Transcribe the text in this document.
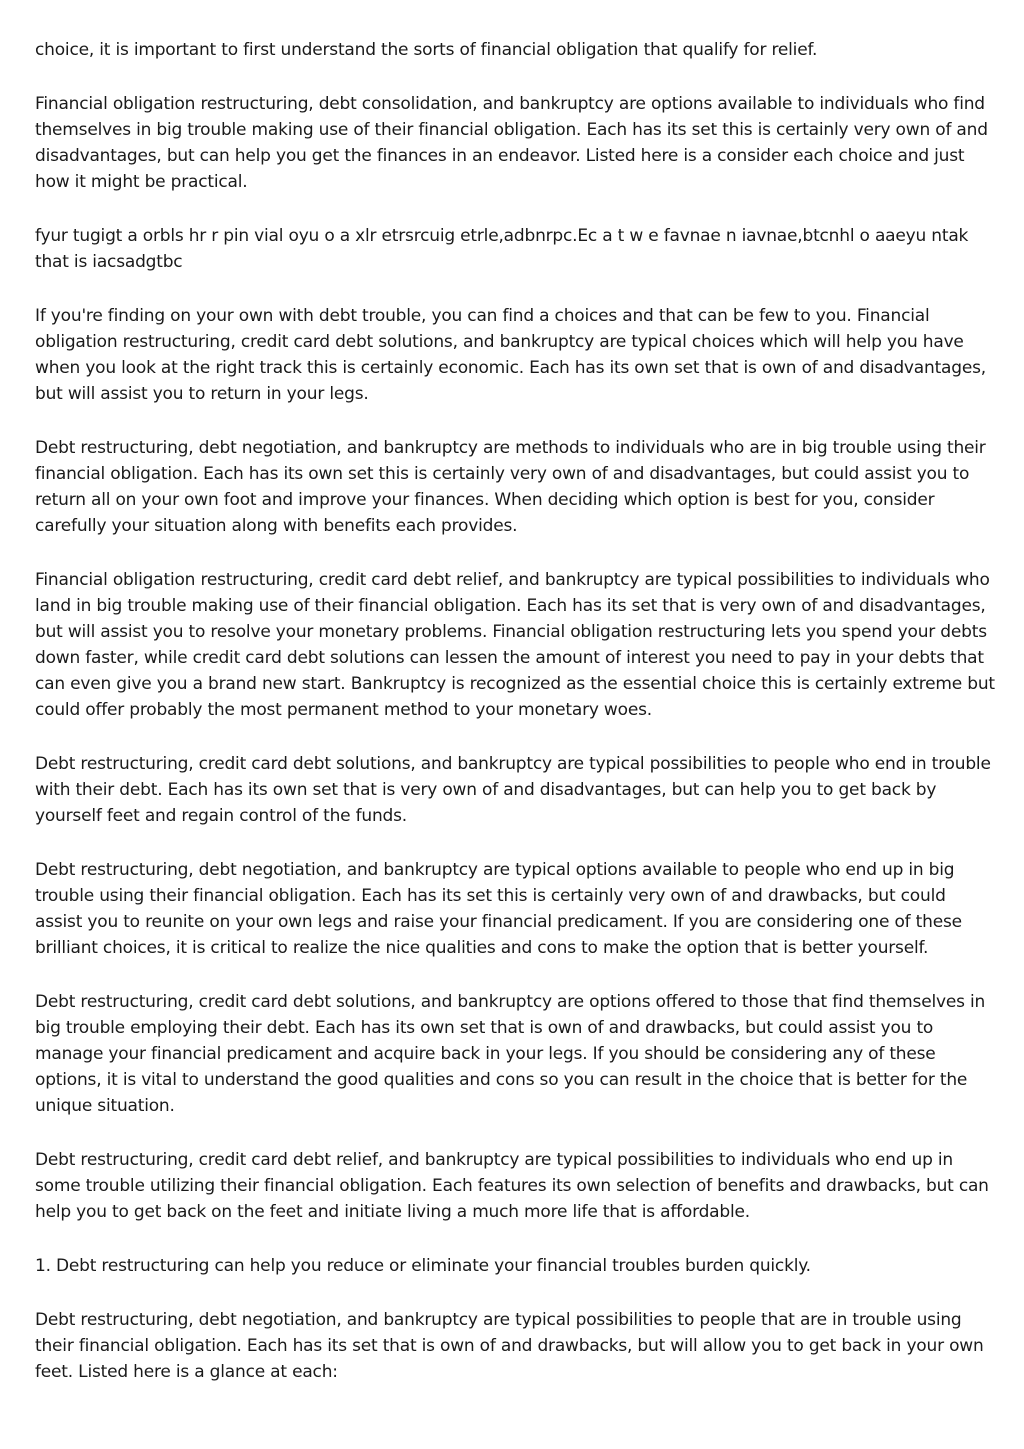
choice, it is important to first understand the sorts of financial obligation that qualify for relief.

Financial obligation restructuring, debt consolidation, and bankruptcy are options available to individuals who find themselves in big trouble making use of their financial obligation. Each has its set this is certainly very own of and disadvantages, but can help you get the finances in an endeavor. Listed here is a consider each choice and just how it might be practical.

fyur tugigt a orbls hr r pin vial oyu o a xlr etrsrcuig etrle,adbnrpc.Ec a t w e favnae n iavnae,btcnhl o aaeyu ntak that is iacsadgtbc

If you're finding on your own with debt trouble, you can find a choices and that can be few to you. Financial obligation restructuring, credit card debt solutions, and bankruptcy are typical choices which will help you have when you look at the right track this is certainly economic. Each has its own set that is own of and disadvantages, but will assist you to return in your legs.

Debt restructuring, debt negotiation, and bankruptcy are methods to individuals who are in big trouble using their financial obligation. Each has its own set this is certainly very own of and disadvantages, but could assist you to return all on your own foot and improve your finances. When deciding which option is best for you, consider carefully your situation along with benefits each provides.

Financial obligation restructuring, credit card debt relief, and bankruptcy are typical possibilities to individuals who land in big trouble making use of their financial obligation. Each has its set that is very own of and disadvantages, but will assist you to resolve your monetary problems. Financial obligation restructuring lets you spend your debts down faster, while credit card debt solutions can lessen the amount of interest you need to pay in your debts that can even give you a brand new start. Bankruptcy is recognized as the essential choice this is certainly extreme but could offer probably the most permanent method to your monetary woes.

Debt restructuring, credit card debt solutions, and bankruptcy are typical possibilities to people who end in trouble with their debt. Each has its own set that is very own of and disadvantages, but can help you to get back by yourself feet and regain control of the funds.

Debt restructuring, debt negotiation, and bankruptcy are typical options available to people who end up in big trouble using their financial obligation. Each has its set this is certainly very own of and drawbacks, but could assist you to reunite on your own legs and raise your financial predicament. If you are considering one of these brilliant choices, it is critical to realize the nice qualities and cons to make the option that is better yourself.

Debt restructuring, credit card debt solutions, and bankruptcy are options offered to those that find themselves in big trouble employing their debt. Each has its own set that is own of and drawbacks, but could assist you to manage your financial predicament and acquire back in your legs. If you should be considering any of these options, it is vital to understand the good qualities and cons so you can result in the choice that is better for the unique situation.

Debt restructuring, credit card debt relief, and bankruptcy are typical possibilities to individuals who end up in some trouble utilizing their financial obligation. Each features its own selection of benefits and drawbacks, but can help you to get back on the feet and initiate living a much more life that is affordable.

1. Debt restructuring can help you reduce or eliminate your financial troubles burden quickly.

Debt restructuring, debt negotiation, and bankruptcy are typical possibilities to people that are in trouble using their financial obligation. Each has its set that is own of and drawbacks, but will allow you to get back in your own feet. Listed here is a glance at each:
